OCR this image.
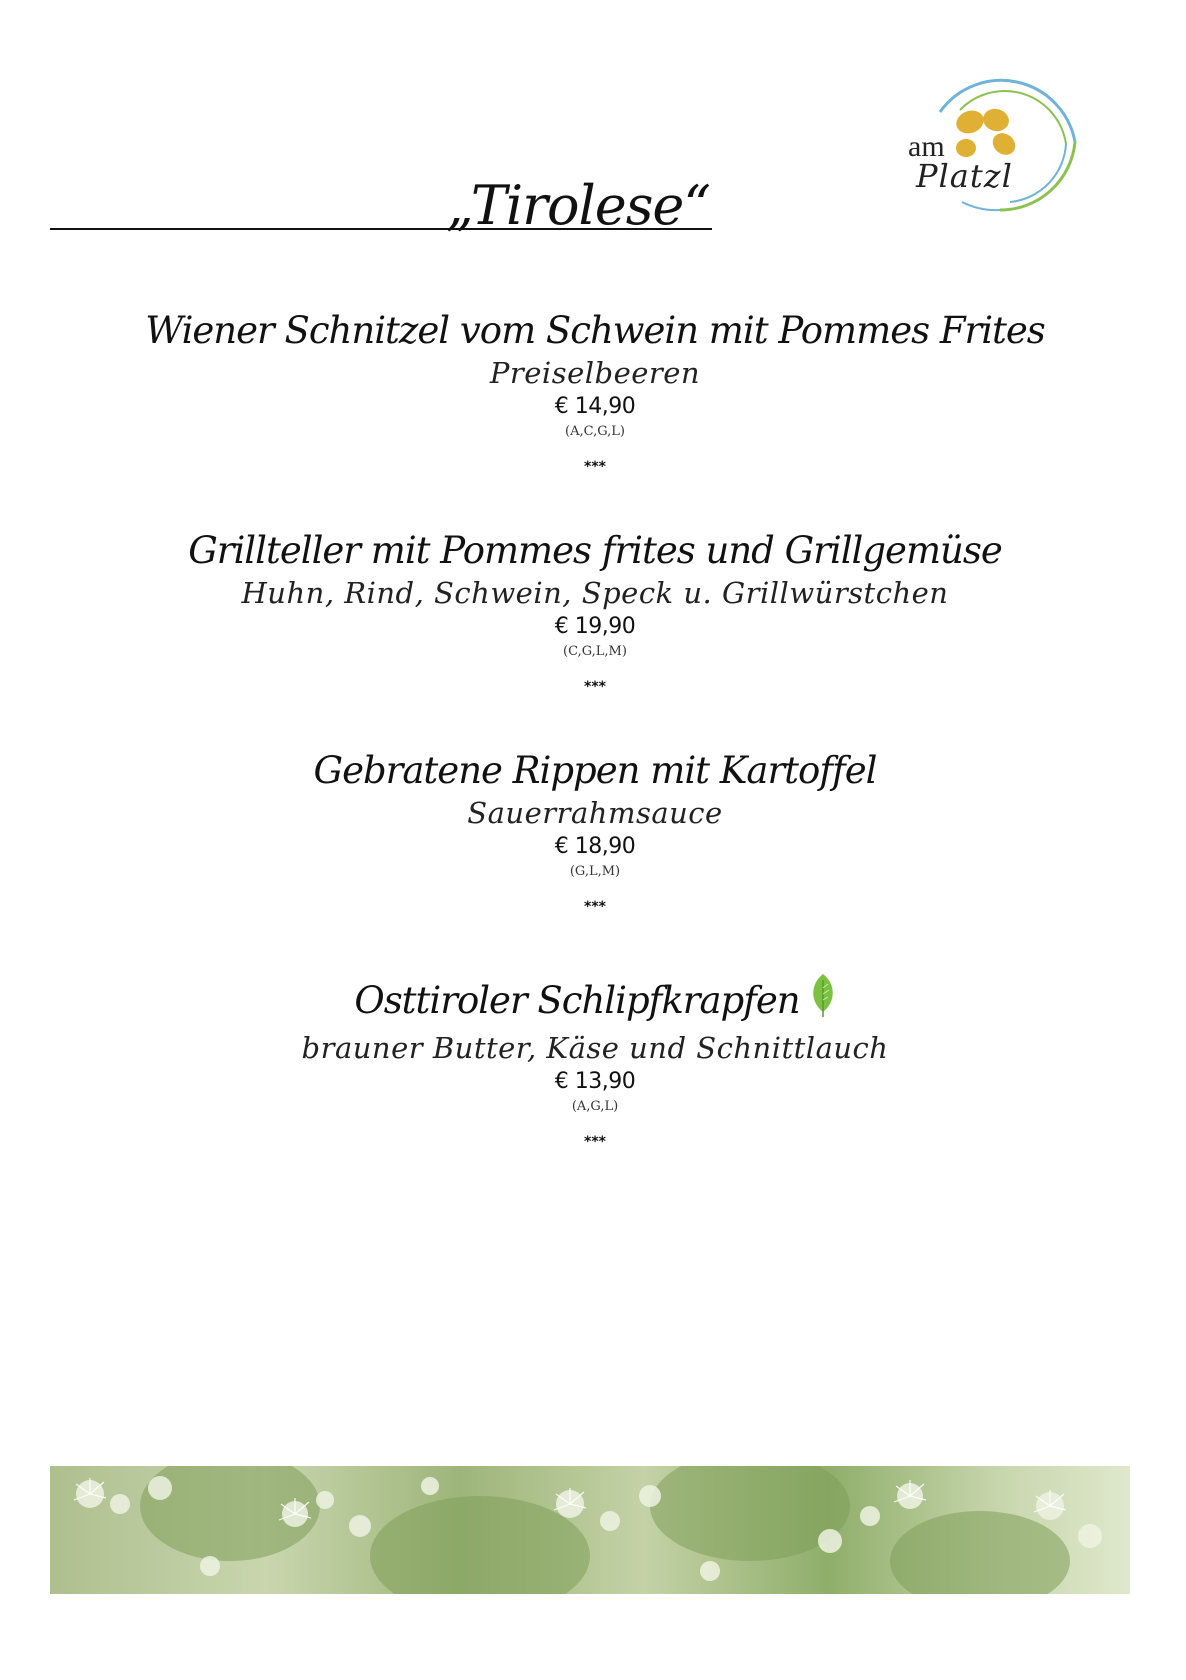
„Tirolese“
am
Platzl
Wiener Schnitzel vom Schwein mit Pommes Frites
Preiselbeeren
€ 14,90
(A,C,G,L)
***
Grillteller mit Pommes frites und Grillgemüse
Huhn, Rind, Schwein, Speck u. Grillwürstchen
€ 19,90
(C,G,L,M)
***
Gebratene Rippen mit Kartoffel
Sauerrahmsauce
€ 18,90
(G,L,M)
***
Osttiroler Schlipfkrapfen
brauner Butter, Käse und Schnittlauch
€ 13,90
(A,G,L)
***
